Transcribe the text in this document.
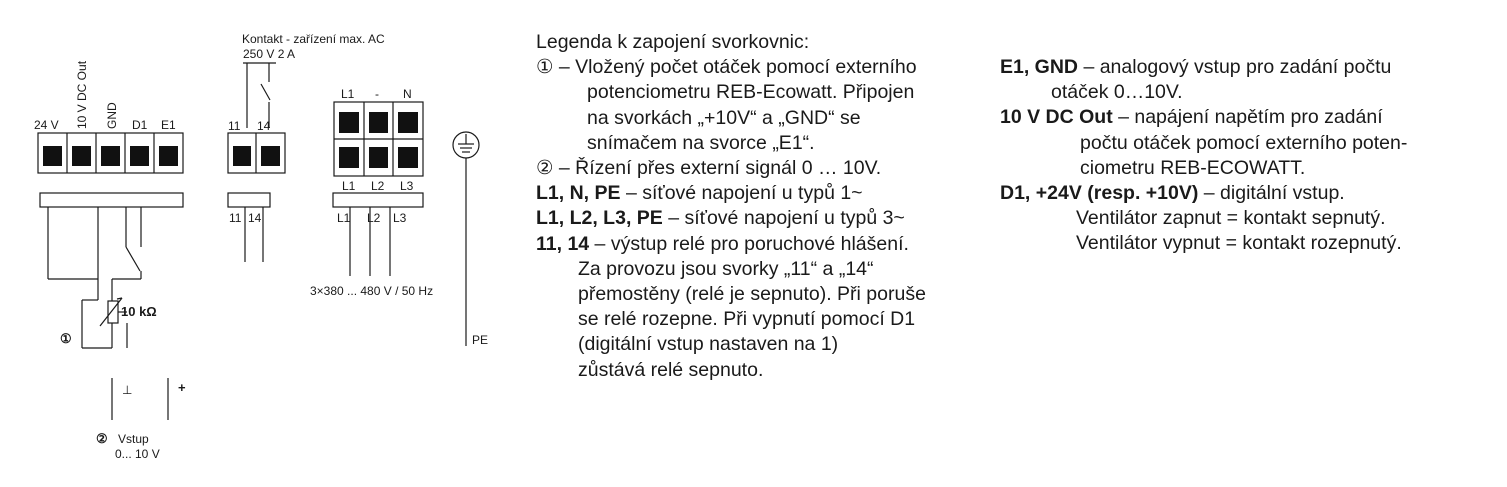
24 V 10 V DC Out GND D1 E1
10 kΩ
①
⊥	+
② Vstup
0... 10 V
Kontakt - zařízení max. AC
250 V 2 A
11 14
11 14
L1 - N
L1 L2 L3
L1 L2 L3
3×380 ... 480 V / 50 Hz
PE
Legenda k zapojení svorkovnic:
① – Vložený počet otáček pomocí externího
potenciometru REB-Ecowatt. Připojen
na svorkách „+10V“ a „GND“ se
snímačem na svorce „E1“.
② – Řízení přes externí signál 0 … 10V.
L1, N, PE – síťové napojení u typů 1~
L1, L2, L3, PE – síťové napojení u typů 3~
11, 14 – výstup relé pro poruchové hlášení.
Za provozu jsou svorky „11“ a „14“
přemostěny (relé je sepnuto). Při poruše
se relé rozepne. Při vypnutí pomocí D1
(digitální vstup nastaven na 1)
zůstává relé sepnuto.
E1, GND – analogový vstup pro zadání počtu
otáček 0…10V.
10 V DC Out – napájení napětím pro zadání
počtu otáček pomocí externího poten-
ciometru REB-ECOWATT.
D1, +24V (resp. +10V) – digitální vstup.
Ventilátor zapnut = kontakt sepnutý.
Ventilátor vypnut = kontakt rozepnutý.
